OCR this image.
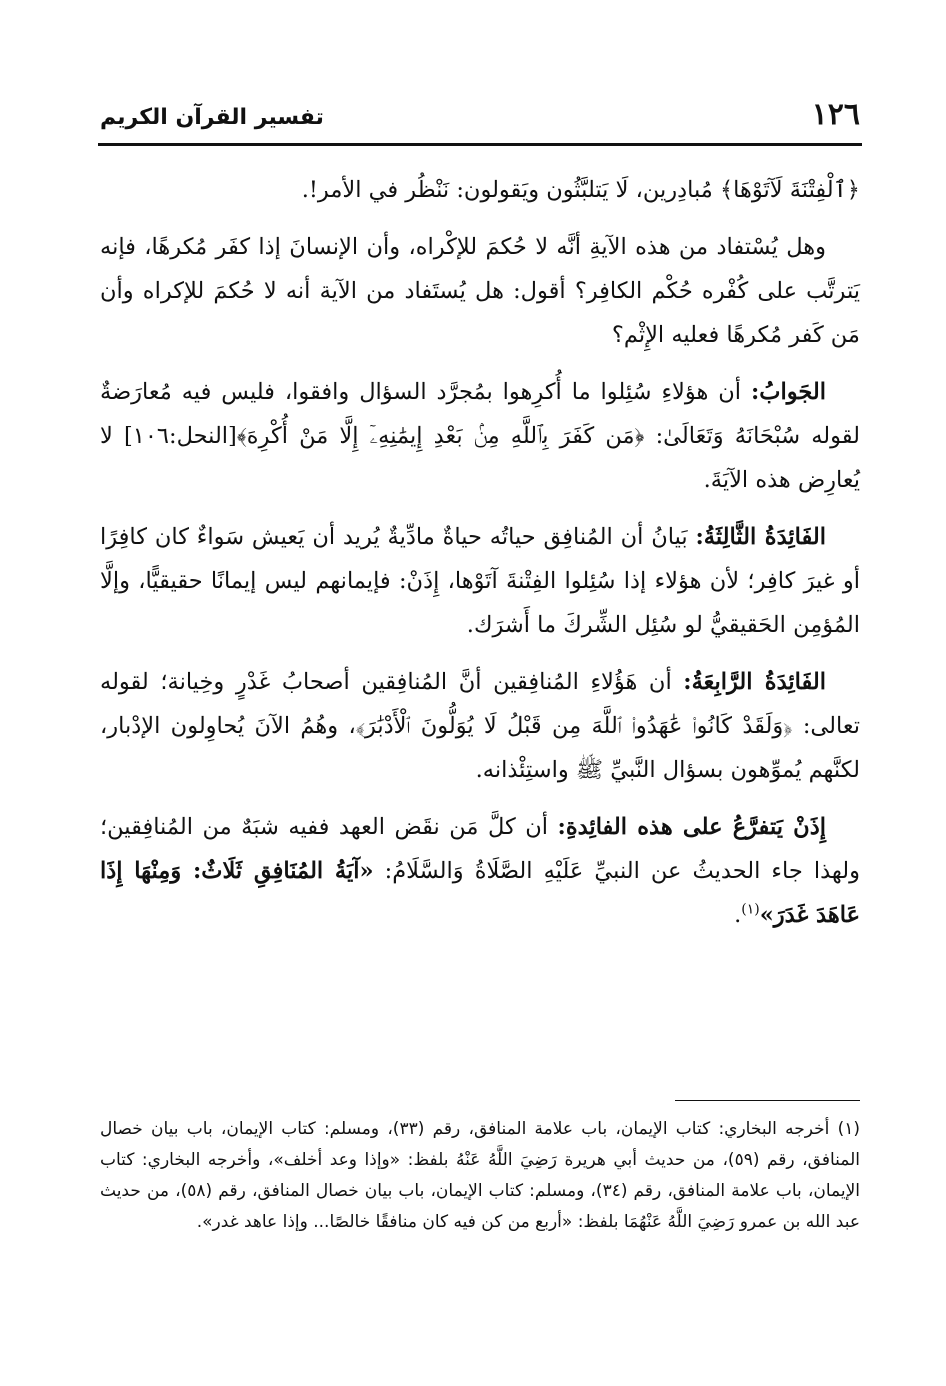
١٢٦
تفسير القرآن الكريم

﴿ٱلْفِتْنَةَ لَآتَوْهَا﴾ مُبادِرين، لَا يَتلبَّثُون ويَقولون: نَنْظُر في الأمر!.

وهل يُسْتفاد من هذه الآيةِ أنَّه لا حُكمَ للإكْراه، وأن الإنسانَ إذا كفَر مُكرهًا، فإنه يَترتَّب على كُفْره حُكْم الكافِر؟ أقول: هل يُستَفاد من الآية أنه لا حُكمَ للإكراه وأن مَن كَفر مُكرهًا فعليه الإِثْم؟

الجَوابُ: أن هؤلاءِ سُئِلوا ما أُكرِهوا بمُجرَّد السؤال وافقوا، فليس فيه مُعارَضةٌ لقوله سُبْحَانَهُ وَتَعَالَىٰ: ﴿مَن كَفَرَ بِٱللَّهِ مِنۢ بَعْدِ إِيمَٰنِهِۦٓ إِلَّا مَنْ أُكْرِهَ﴾[النحل:١٠٦] لا يُعارِض هذه الآيَةَ.

الفَائِدَةُ الثَّالِثَةُ: بَيانُ أن المُنافِق حياتُه حياةٌ مادِّيةٌ يُريد أن يَعيش سَواءٌ كان كافِرًا أو غيرَ كافِر؛ لأن هؤلاء إذا سُئِلوا الفِتْنةَ آتَوْها، إِذَنْ: فإيمانهم ليس إيمانًا حقيقيًّا، وإلَّا المُؤمِن الحَقيقيُّ لو سُئِل الشِّركَ ما أَشرَك.

الفَائِدَةُ الرَّابِعَةُ: أن هَؤُلاءِ المُنافِقين أنَّ المُنافِقين أصحابُ غَدْرٍ وخِيانة؛ لقوله تعالى: ﴿وَلَقَدْ كَانُوا۟ عَٰهَدُوا۟ ٱللَّهَ مِن قَبْلُ لَا يُوَلُّونَ ٱلْأَدْبَٰرَ﴾، وهُمُ الآنَ يُحاوِلون الإدْبار، لكنَّهم يُموِّهون بسؤال النَّبيِّ ﷺ واستِئْذانه.

إِذَنْ يَتفرَّعُ على هذه الفائِدةِ: أن كلَّ مَن نقَض العهد ففيه شبَهٌ من المُنافِقين؛ ولهذا جاء الحديثُ عن النبيِّ عَلَيْهِ الصَّلَاةُ وَالسَّلَامُ: «آيَةُ المُنَافِقِ ثَلَاثٌ: وَمِنْهَا إِذَا عَاهَدَ غَدَرَ»$^{(١)}$.

(١) أخرجه البخاري: كتاب الإيمان، باب علامة المنافق، رقم (٣٣)، ومسلم: كتاب الإيمان، باب بيان خصال المنافق، رقم (٥٩)، من حديث أبي هريرة رَضِيَ اللَّهُ عَنْهُ بلفظ: «وإذا وعد أخلف»، وأخرجه البخاري: كتاب الإيمان، باب علامة المنافق، رقم (٣٤)، ومسلم: كتاب الإيمان، باب بيان خصال المنافق، رقم (٥٨)، من حديث عبد الله بن عمرو رَضِيَ اللَّهُ عَنْهُمَا بلفظ: «أربع من كن فيه كان منافقًا خالصًا... وإذا عاهد غدر».
